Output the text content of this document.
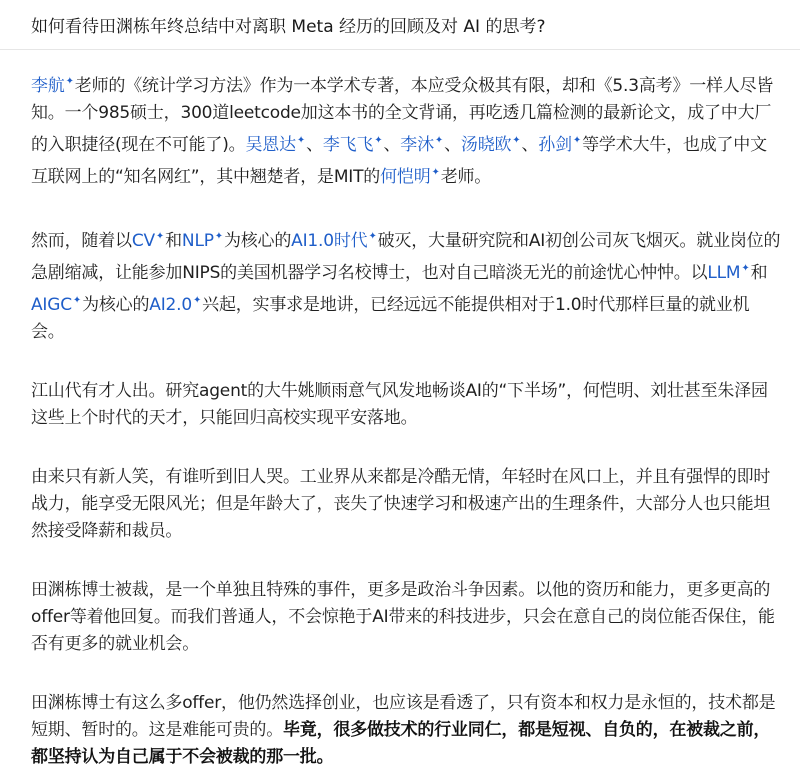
如何看待田渊栋年终总结中对离职 Meta 经历的回顾及对 AI 的思考?

李航✦老师的《统计学习方法》作为一本学术专著，本应受众极其有限，却和《5.3高考》一样人尽皆知。一个985硕士，300道leetcode加这本书的全文背诵，再吃透几篇检测的最新论文，成了中大厂的入职捷径(现在不可能了)。吴恩达✦、李飞飞✦、李沐✦、汤晓欧✦、孙剑✦等学术大牛，也成了中文互联网上的“知名网红”，其中翘楚者，是MIT的何恺明✦老师。

然而，随着以CV✦和NLP✦为核心的AI1.0时代✦破灭，大量研究院和AI初创公司灰飞烟灭。就业岗位的急剧缩减，让能参加NIPS的美国机器学习名校博士，也对自己暗淡无光的前途忧心忡忡。以LLM✦和AIGC✦为核心的AI2.0✦兴起，实事求是地讲，已经远远不能提供相对于1.0时代那样巨量的就业机会。

江山代有才人出。研究agent的大牛姚顺雨意气风发地畅谈AI的“下半场”，何恺明、刘壮甚至朱泽园这些上个时代的天才，只能回归高校实现平安落地。

由来只有新人笑，有谁听到旧人哭。工业界从来都是冷酷无情，年轻时在风口上，并且有强悍的即时战力，能享受无限风光；但是年龄大了，丧失了快速学习和极速产出的生理条件，大部分人也只能坦然接受降薪和裁员。

田渊栋博士被裁，是一个单独且特殊的事件，更多是政治斗争因素。以他的资历和能力，更多更高的offer等着他回复。而我们普通人，不会惊艳于AI带来的科技进步，只会在意自己的岗位能否保住，能否有更多的就业机会。

田渊栋博士有这么多offer，他仍然选择创业，也应该是看透了，只有资本和权力是永恒的，技术都是短期、暂时的。这是难能可贵的。毕竟，很多做技术的行业同仁，都是短视、自负的，在被裁之前，都坚持认为自己属于不会被裁的那一批。
